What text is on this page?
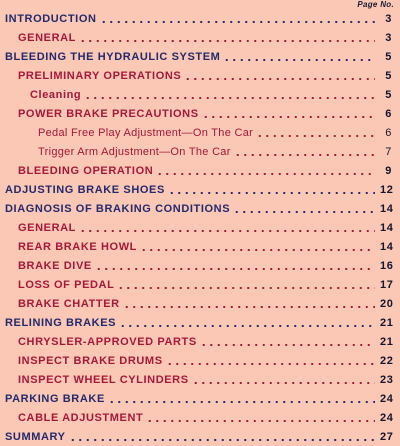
Page No.
INTRODUCTION	3
GENERAL	3
BLEEDING THE HYDRAULIC SYSTEM	5
PRELIMINARY OPERATIONS	5
Cleaning	5
POWER BRAKE PRECAUTIONS	6
Pedal Free Play Adjustment—On The Car	6
Trigger Arm Adjustment—On The Car	7
BLEEDING OPERATION	9
ADJUSTING BRAKE SHOES	12
DIAGNOSIS OF BRAKING CONDITIONS	14
GENERAL	14
REAR BRAKE HOWL	14
BRAKE DIVE	16
LOSS OF PEDAL	17
BRAKE CHATTER	20
RELINING BRAKES	21
CHRYSLER-APPROVED PARTS	21
INSPECT BRAKE DRUMS	22
INSPECT WHEEL CYLINDERS	23
PARKING BRAKE	24
CABLE ADJUSTMENT	24
SUMMARY	27
